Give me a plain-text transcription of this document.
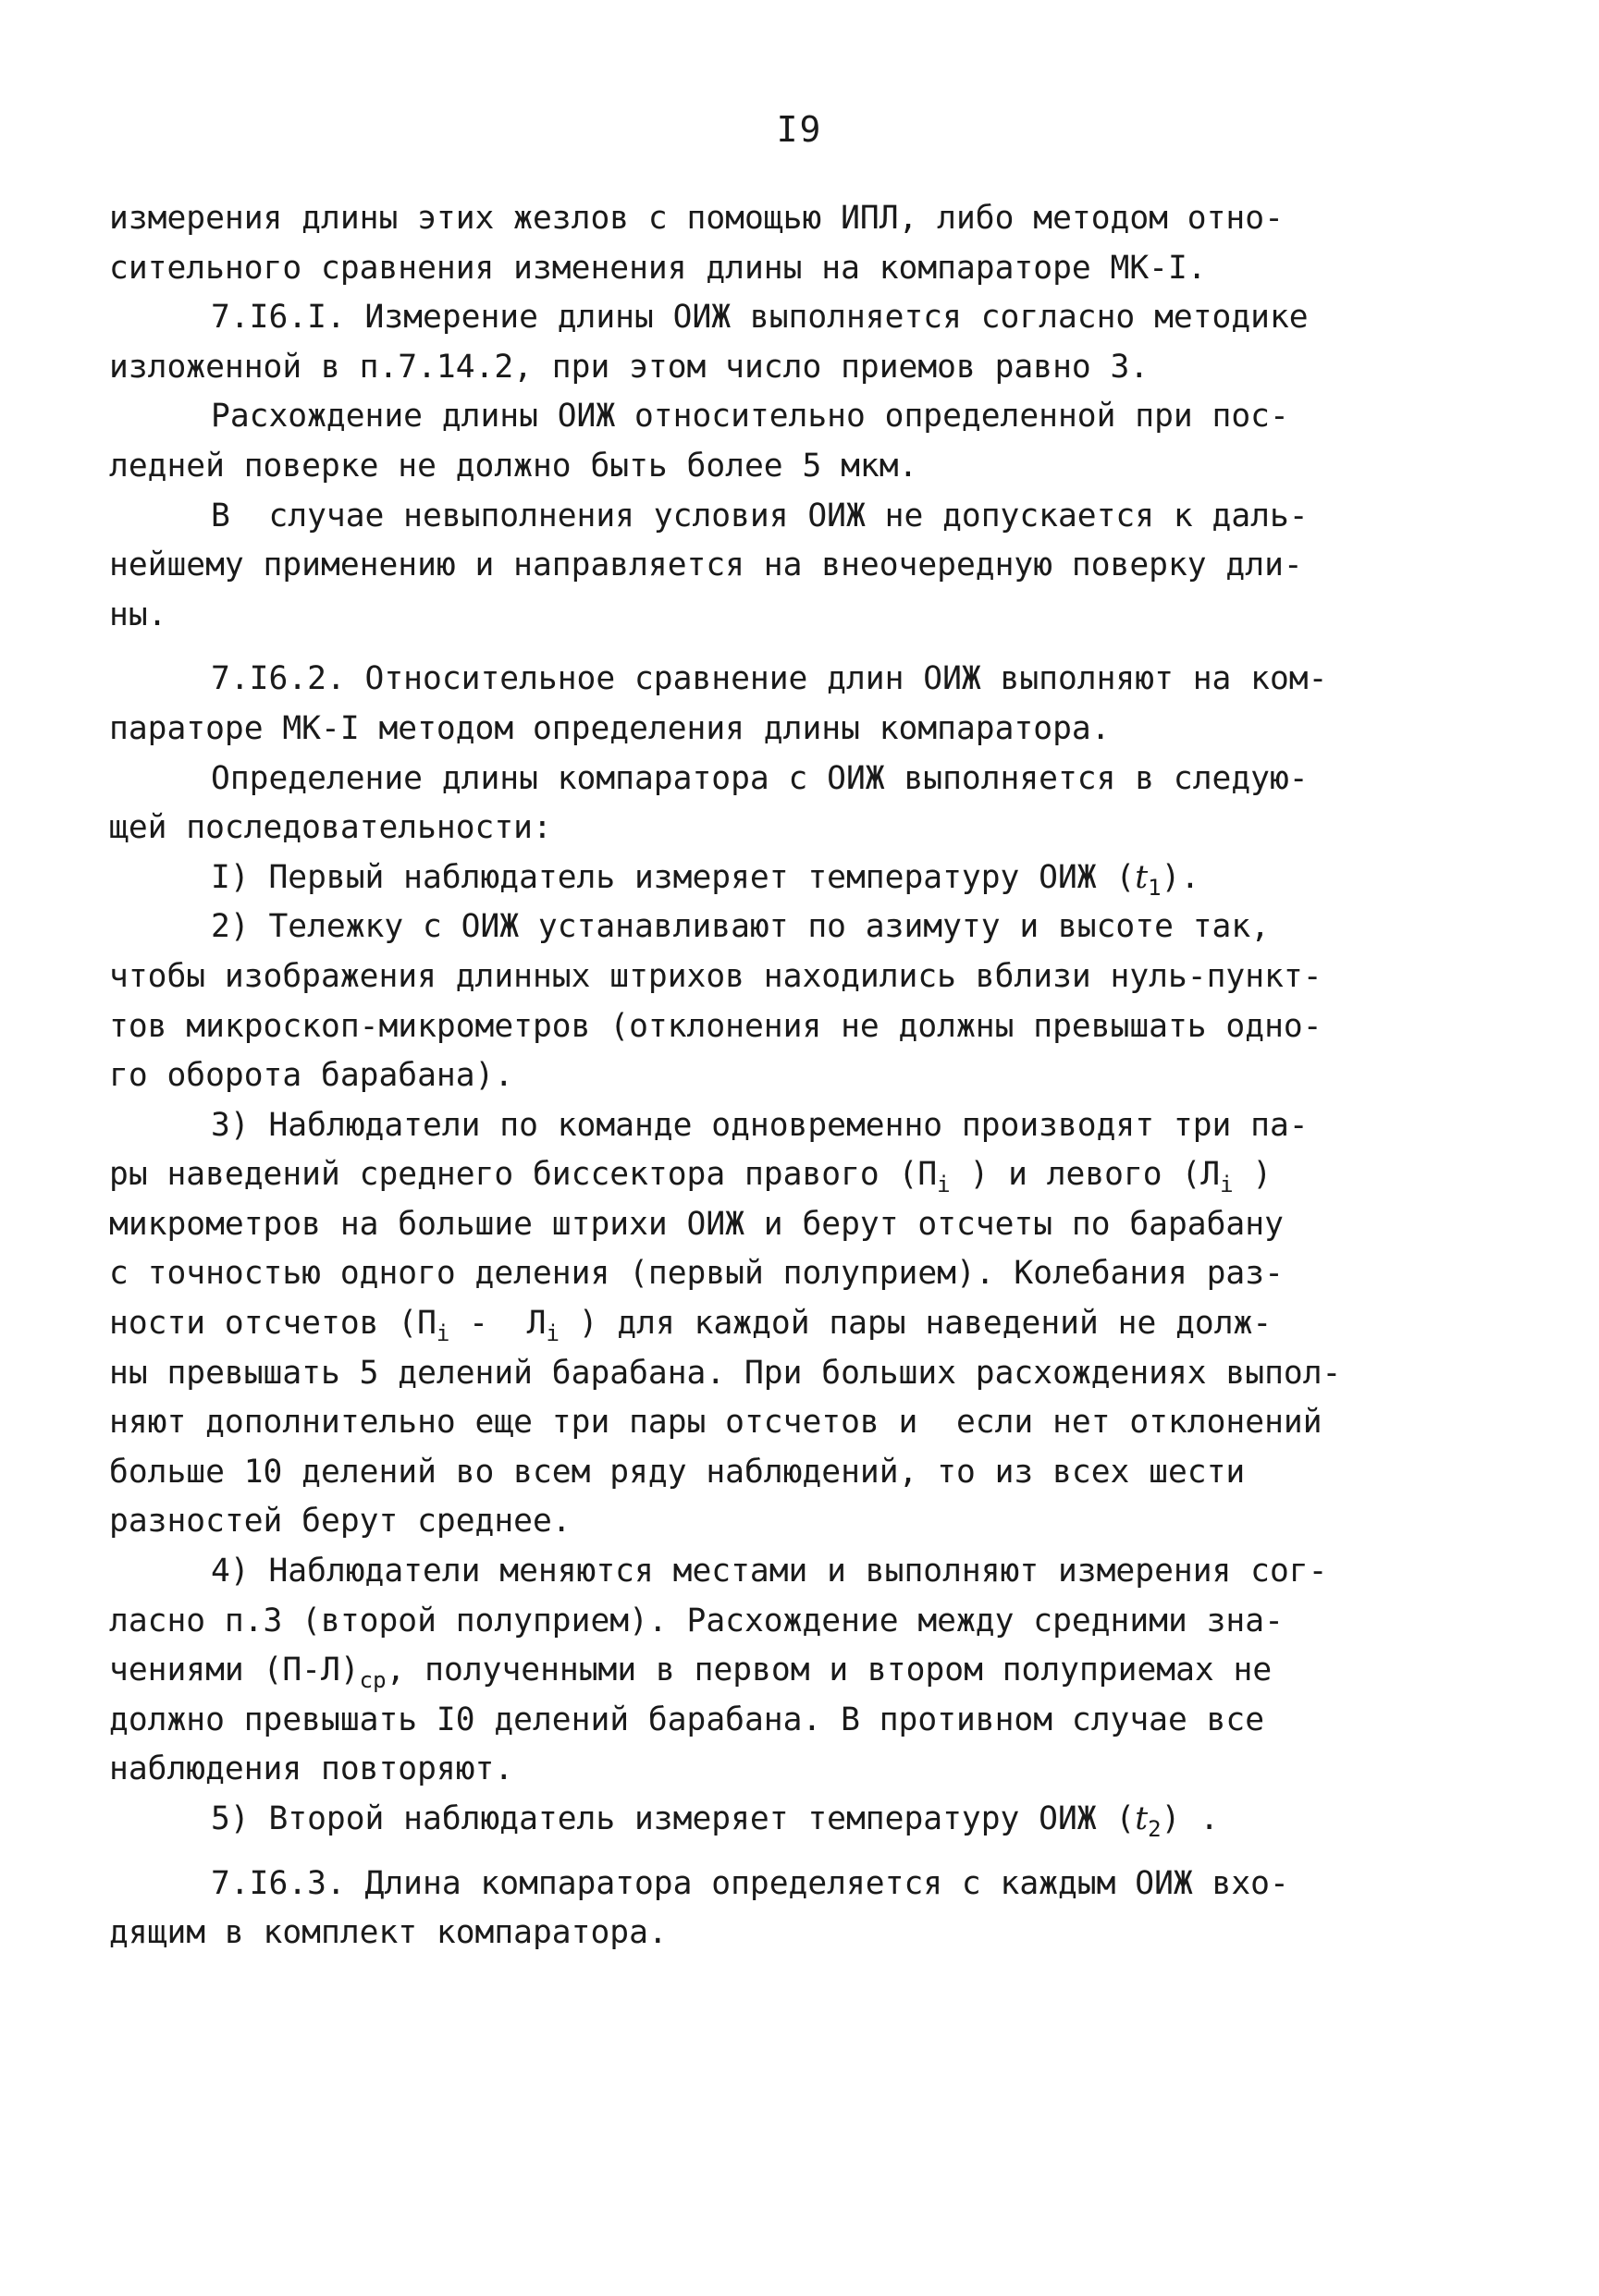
I9
измерения длины этих жезлов с помощью ИПЛ, либо методом отно-
сительного сравнения изменения длины на компараторе МК-I.
7.I6.I. Измерение длины ОИЖ выполняется согласно методике
изложенной в п.7.14.2, при этом число приемов равно 3.
Расхождение длины ОИЖ относительно определенной при пос-
ледней поверке не должно быть более 5 мкм.
В  случае невыполнения условия ОИЖ не допускается к даль-
нейшему применению и направляется на внеочередную поверку дли-
ны.
7.I6.2. Относительное сравнение длин ОИЖ выполняют на ком-
параторе МК-I методом определения длины компаратора.
Определение длины компаратора с ОИЖ выполняется в следую-
щей последовательности:
I) Первый наблюдатель измеряет температуру ОИЖ $(t_1)$.
2) Тележку с ОИЖ устанавливают по азимуту и высоте так,
чтобы изображения длинных штрихов находились вблизи нуль-пункт-
тов микроскоп-микрометров (отклонения не должны превышать одно-
го оборота барабана).
3) Наблюдатели по команде одновременно производят три па-
ры наведений среднего биссектора правого ($П_i$ ) и левого ($Л_i$ )
микрометров на большие штрихи ОИЖ и берут отсчеты по барабану
с точностью одного деления (первый полуприем). Колебания раз-
ности отсчетов ($П_i - Л_i$ ) для каждой пары наведений не долж-
ны превышать 5 делений барабана. При больших расхождениях выпол-
няют дополнительно еще три пары отсчетов и  если нет отклонений
больше 10 делений во всем ряду наблюдений, то из всех шести
разностей берут среднее.
4) Наблюдатели меняются местами и выполняют измерения сог-
ласно п.3 (второй полуприем). Расхождение между средними зна-
чениями $(П-Л)_{ср}$, полученными в первом и втором полуприемах не
должно превышать I0 делений барабана. В противном случае все
наблюдения повторяют.
5) Второй наблюдатель измеряет температуру ОИЖ $(t_2)$ .
7.I6.3. Длина компаратора определяется с каждым ОИЖ вхо-
дящим в комплект компаратора.
